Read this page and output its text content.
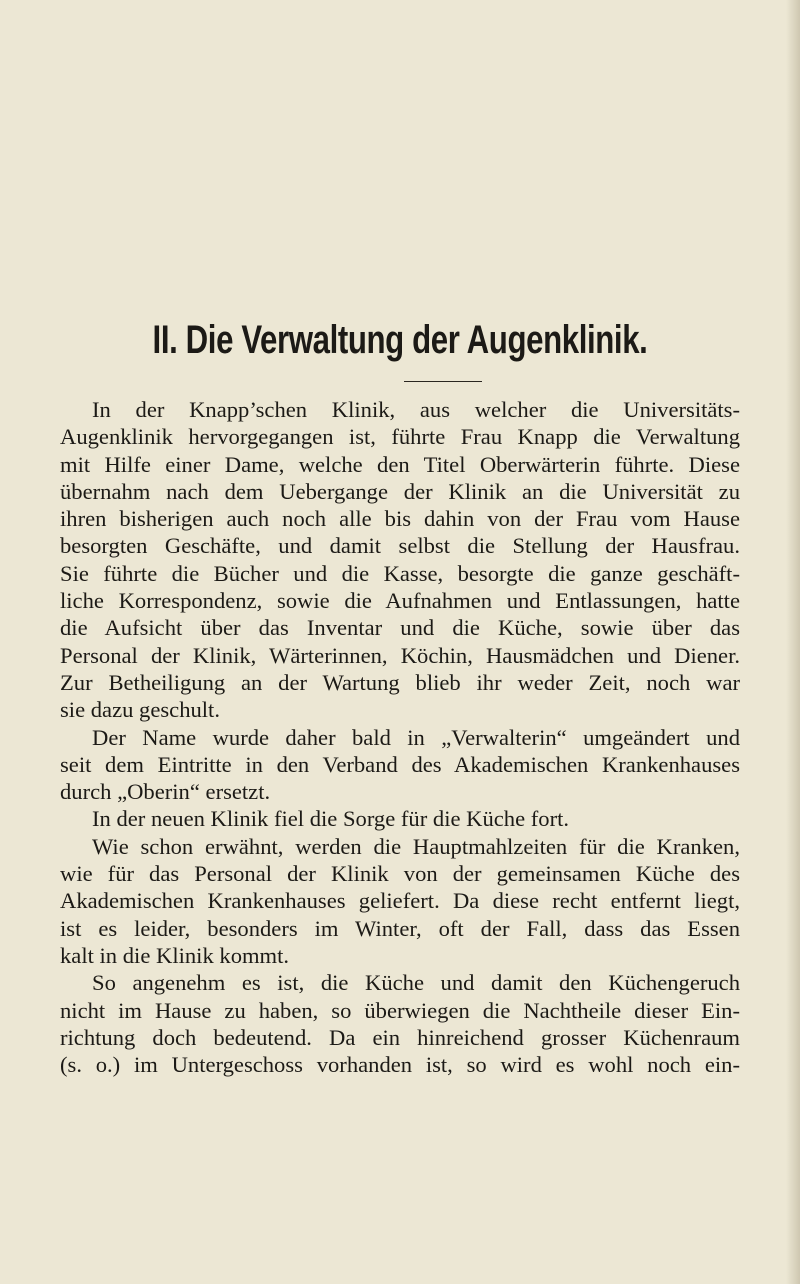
II. Die Verwaltung der Augenklinik.

In der Knapp’schen Klinik, aus welcher die Universitäts-
Augenklinik hervorgegangen ist, führte Frau Knapp die Verwaltung
mit Hilfe einer Dame, welche den Titel Oberwärterin führte. Diese
übernahm nach dem Uebergange der Klinik an die Universität zu
ihren bisherigen auch noch alle bis dahin von der Frau vom Hause
besorgten Geschäfte, und damit selbst die Stellung der Hausfrau.
Sie führte die Bücher und die Kasse, besorgte die ganze geschäft-
liche Korrespondenz, sowie die Aufnahmen und Entlassungen, hatte
die Aufsicht über das Inventar und die Küche, sowie über das
Personal der Klinik, Wärterinnen, Köchin, Hausmädchen und Diener.
Zur Betheiligung an der Wartung blieb ihr weder Zeit, noch war
sie dazu geschult.

Der Name wurde daher bald in „Verwalterin“ umgeändert und
seit dem Eintritte in den Verband des Akademischen Krankenhauses
durch „Oberin“ ersetzt.

In der neuen Klinik fiel die Sorge für die Küche fort.

Wie schon erwähnt, werden die Hauptmahlzeiten für die Kranken,
wie für das Personal der Klinik von der gemeinsamen Küche des
Akademischen Krankenhauses geliefert. Da diese recht entfernt liegt,
ist es leider, besonders im Winter, oft der Fall, dass das Essen
kalt in die Klinik kommt.

So angenehm es ist, die Küche und damit den Küchengeruch
nicht im Hause zu haben, so überwiegen die Nachtheile dieser Ein-
richtung doch bedeutend. Da ein hinreichend grosser Küchenraum
(s. o.) im Untergeschoss vorhanden ist, so wird es wohl noch ein-
